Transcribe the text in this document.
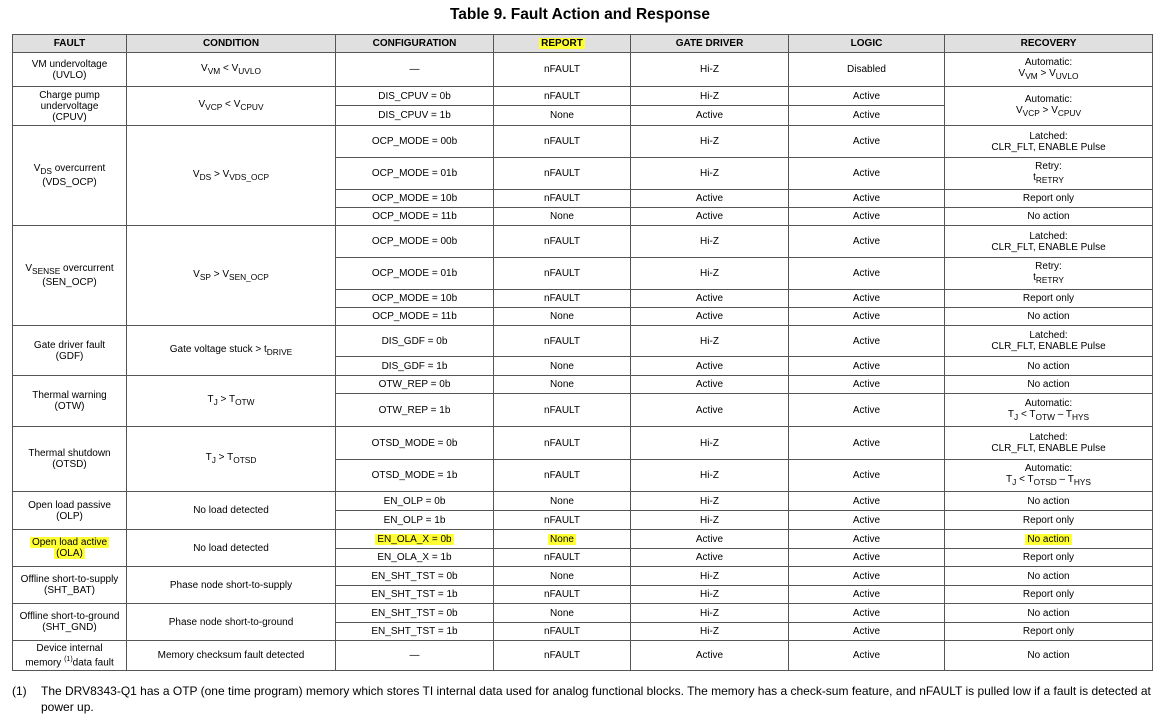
Table 9. Fault Action and Response
FAULT	CONDITION	CONFIGURATION	REPORT	GATE DRIVER	LOGIC	RECOVERY
VM undervoltage
(UVLO)	$V_{VM} < V_{UVLO}$	—	nFAULT	Hi-Z	Disabled	Automatic:
$V_{VM} > V_{UVLO}$
Charge pump
undervoltage
(CPUV)	$V_{VCP} < V_{CPUV}$	DIS_CPUV = 0b	nFAULT	Hi-Z	Active	Automatic:
$V_{VCP} > V_{CPUV}$
		DIS_CPUV = 1b	None	Active	Active	
$V_{DS}$ overcurrent
(VDS_OCP)	$V_{DS} > V_{VDS\_OCP}$	OCP_MODE = 00b	nFAULT	Hi-Z	Active	Latched:
CLR_FLT, ENABLE Pulse
		OCP_MODE = 01b	nFAULT	Hi-Z	Active	Retry:
$t_{RETRY}$
		OCP_MODE = 10b	nFAULT	Active	Active	Report only
		OCP_MODE = 11b	None	Active	Active	No action
$V_{SENSE}$ overcurrent
(SEN_OCP)	$V_{SP} > V_{SEN\_OCP}$	OCP_MODE = 00b	nFAULT	Hi-Z	Active	Latched:
CLR_FLT, ENABLE Pulse
		OCP_MODE = 01b	nFAULT	Hi-Z	Active	Retry:
$t_{RETRY}$
		OCP_MODE = 10b	nFAULT	Active	Active	Report only
		OCP_MODE = 11b	None	Active	Active	No action
Gate driver fault
(GDF)	Gate voltage stuck > $t_{DRIVE}$	DIS_GDF = 0b	nFAULT	Hi-Z	Active	Latched:
CLR_FLT, ENABLE Pulse
		DIS_GDF = 1b	None	Active	Active	No action
Thermal warning
(OTW)	$T_J > T_{OTW}$	OTW_REP = 0b	None	Active	Active	No action
		OTW_REP = 1b	nFAULT	Active	Active	Automatic:
$T_J < T_{OTW} - T_{HYS}$
Thermal shutdown
(OTSD)	$T_J > T_{OTSD}$	OTSD_MODE = 0b	nFAULT	Hi-Z	Active	Latched:
CLR_FLT, ENABLE Pulse
		OTSD_MODE = 1b	nFAULT	Hi-Z	Active	Automatic:
$T_J < T_{OTSD} - T_{HYS}$
Open load passive
(OLP)	No load detected	EN_OLP = 0b	None	Hi-Z	Active	No action
		EN_OLP = 1b	nFAULT	Hi-Z	Active	Report only
Open load active
(OLA)	No load detected	EN_OLA_X = 0b	None	Active	Active	No action
		EN_OLA_X = 1b	nFAULT	Active	Active	Report only
Offline short-to-supply
(SHT_BAT)	Phase node short-to-supply	EN_SHT_TST = 0b	None	Hi-Z	Active	No action
		EN_SHT_TST = 1b	nFAULT	Hi-Z	Active	Report only
Offline short-to-ground
(SHT_GND)	Phase node short-to-ground	EN_SHT_TST = 0b	None	Hi-Z	Active	No action
		EN_SHT_TST = 1b	nFAULT	Hi-Z	Active	Report only
Device internal
memory $^{(1)}$data fault	Memory checksum fault detected	—	nFAULT	Active	Active	No action
(1) The DRV8343-Q1 has a OTP (one time program) memory which stores TI internal data used for analog functional blocks. The memory has a check-sum feature, and nFAULT is pulled low if a fault is detected at power up.
